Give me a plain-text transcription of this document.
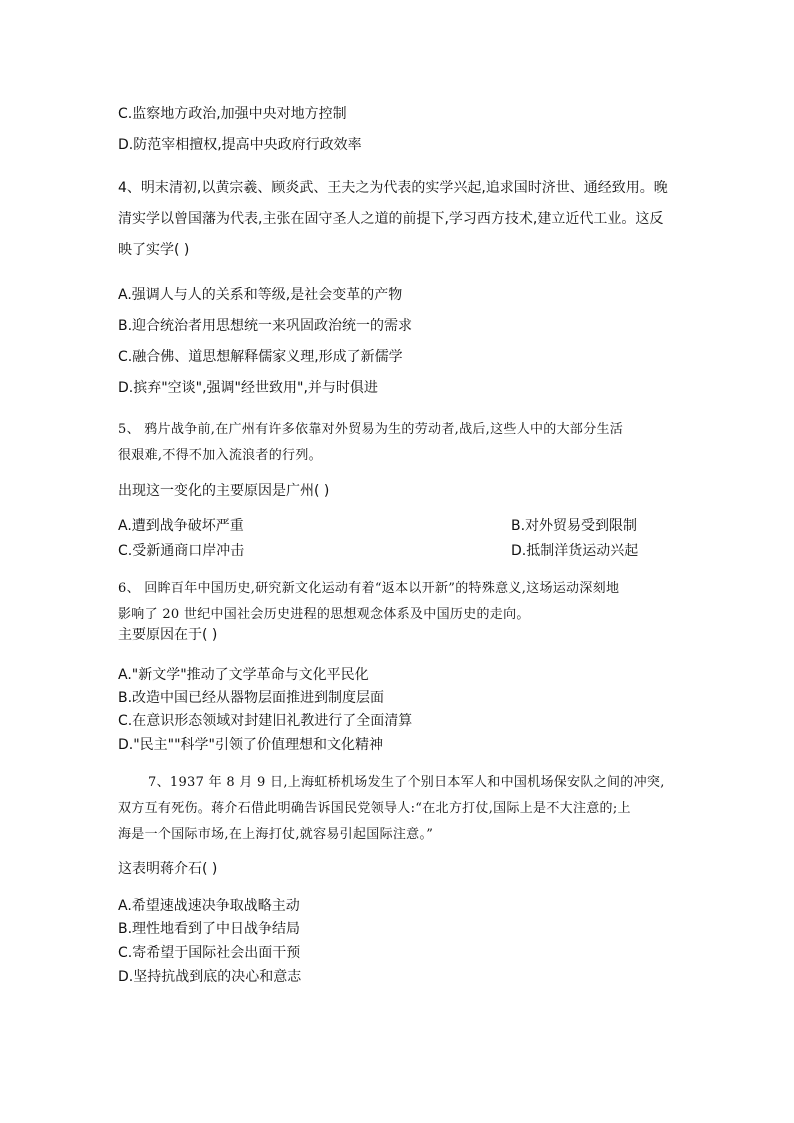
C.监察地方政治,加强中央对地方控制
D.防范宰相擅权,提高中央政府行政效率
4、明末清初,以黄宗羲、顾炎武、王夫之为代表的实学兴起,追求国时济世、通经致用。晚
清实学以曾国藩为代表,主张在固守圣人之道的前提下,学习西方技术,建立近代工业。这反
映了实学( )
A.强调人与人的关系和等级,是社会变革的产物
B.迎合统治者用思想统一来巩固政治统一的需求
C.融合佛、道思想解释儒家义理,形成了新儒学
D.摈弃"空谈",强调"经世致用",并与时俱进
5、 鸦片战争前,在广州有许多依靠对外贸易为生的劳动者,战后,这些人中的大部分生活
很艰难,不得不加入流浪者的行列。
出现这一变化的主要原因是广州( )
A.遭到战争破坏严重	B.对外贸易受到限制
C.受新通商口岸冲击	D.抵制洋货运动兴起
6、 回眸百年中国历史,研究新文化运动有着“返本以开新”的特殊意义,这场运动深刻地
影响了 20 世纪中国社会历史进程的思想观念体系及中国历史的走向。
主要原因在于( )
A."新文学"推动了文学革命与文化平民化
B.改造中国已经从器物层面推进到制度层面
C.在意识形态领域对封建旧礼教进行了全面清算
D."民主""科学"引领了价值理想和文化精神
7、1937 年 8 月 9 日,上海虹桥机场发生了个别日本军人和中国机场保安队之间的冲突,
双方互有死伤。蒋介石借此明确告诉国民党领导人:“在北方打仗,国际上是不大注意的;上
海是一个国际市场,在上海打仗,就容易引起国际注意。”
这表明蒋介石( )
A.希望速战速决争取战略主动
B.理性地看到了中日战争结局
C.寄希望于国际社会出面干预
D.坚持抗战到底的决心和意志
